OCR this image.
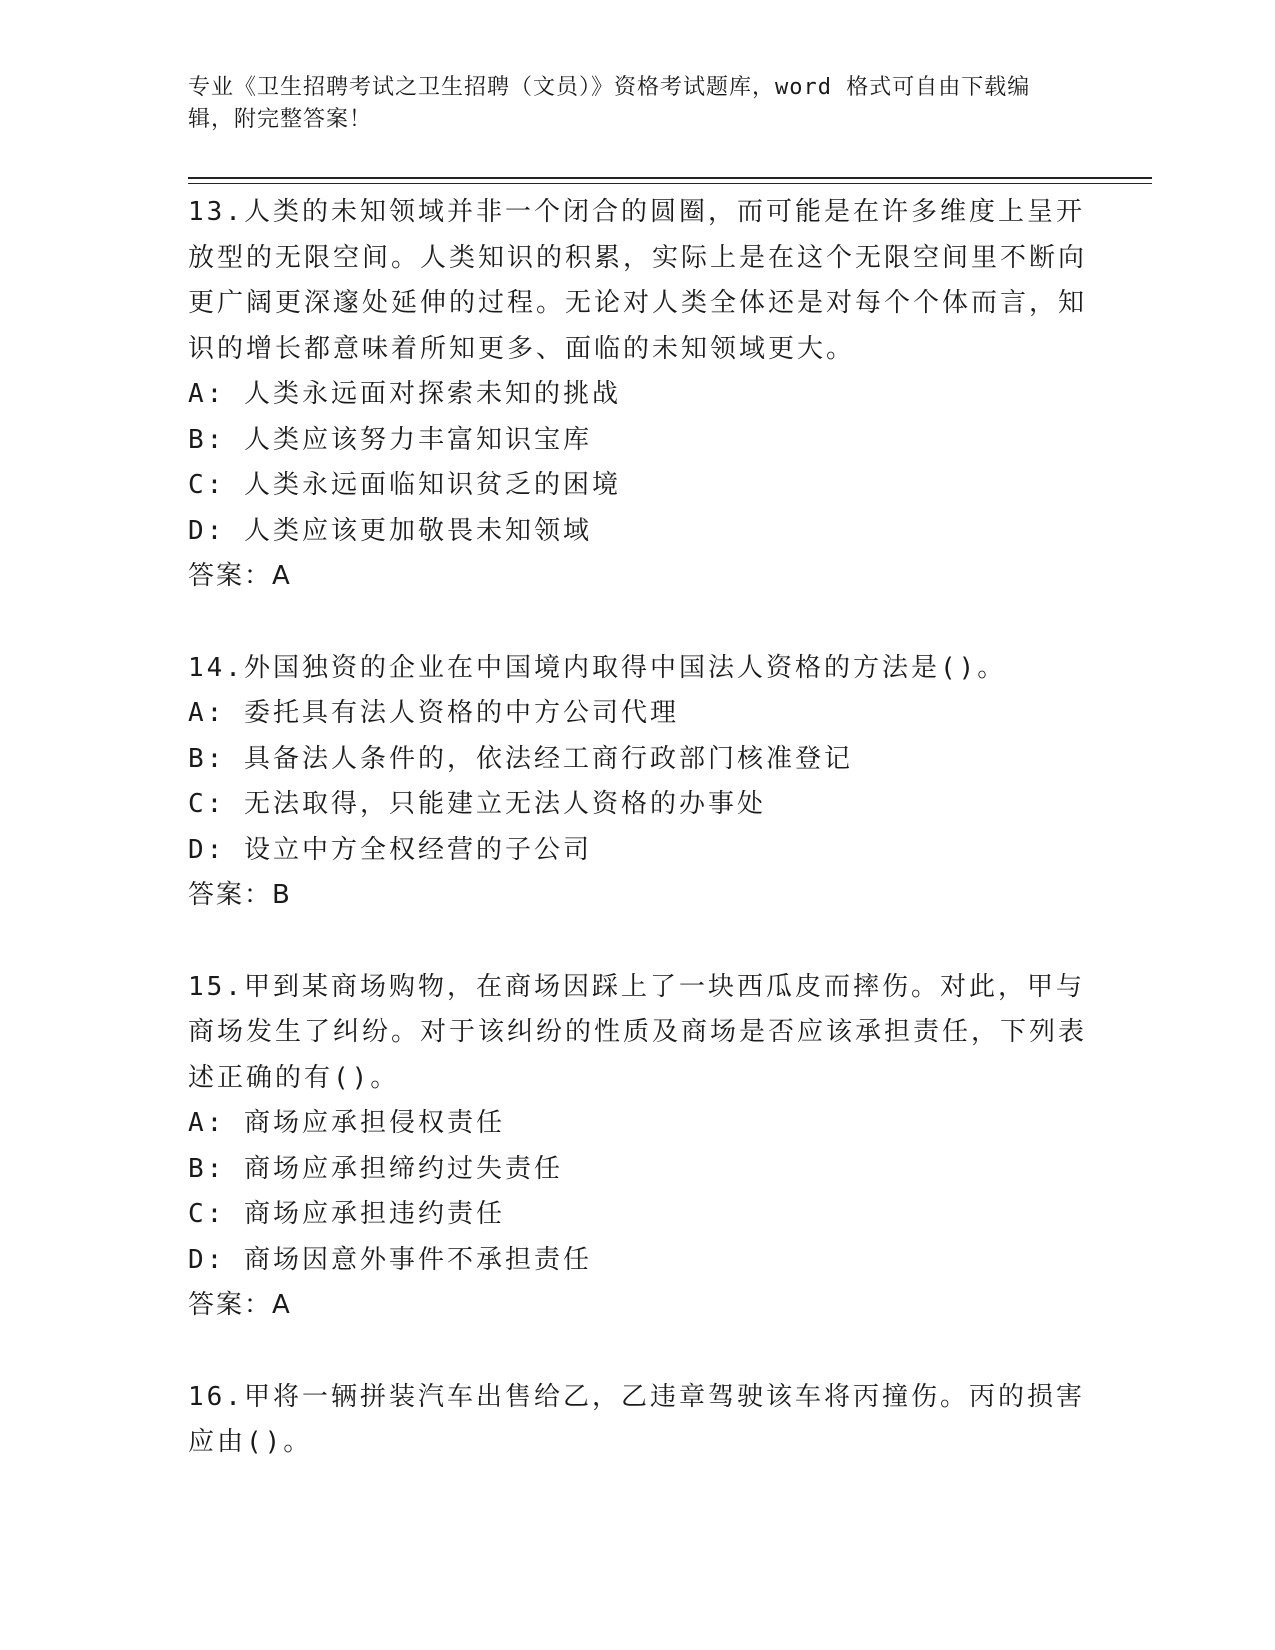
专业《卫生招聘考试之卫生招聘（文员）》资格考试题库，word 格式可自由下载编辑，附完整答案！
13.人类的未知领域并非一个闭合的圆圈，而可能是在许多维度上呈开放型的无限空间。人类知识的积累，实际上是在这个无限空间里不断向更广阔更深邃处延伸的过程。无论对人类全体还是对每个个体而言，知识的增长都意味着所知更多、面临的未知领域更大。
A: 人类永远面对探索未知的挑战
B: 人类应该努力丰富知识宝库
C: 人类永远面临知识贫乏的困境
D: 人类应该更加敬畏未知领域
答案：A
14.外国独资的企业在中国境内取得中国法人资格的方法是()。
A: 委托具有法人资格的中方公司代理
B: 具备法人条件的，依法经工商行政部门核准登记
C: 无法取得，只能建立无法人资格的办事处
D: 设立中方全权经营的子公司
答案：B
15.甲到某商场购物，在商场因踩上了一块西瓜皮而摔伤。对此，甲与商场发生了纠纷。对于该纠纷的性质及商场是否应该承担责任，下列表述正确的有()。
A: 商场应承担侵权责任
B: 商场应承担缔约过失责任
C: 商场应承担违约责任
D: 商场因意外事件不承担责任
答案：A
16.甲将一辆拼装汽车出售给乙，乙违章驾驶该车将丙撞伤。丙的损害应由()。
